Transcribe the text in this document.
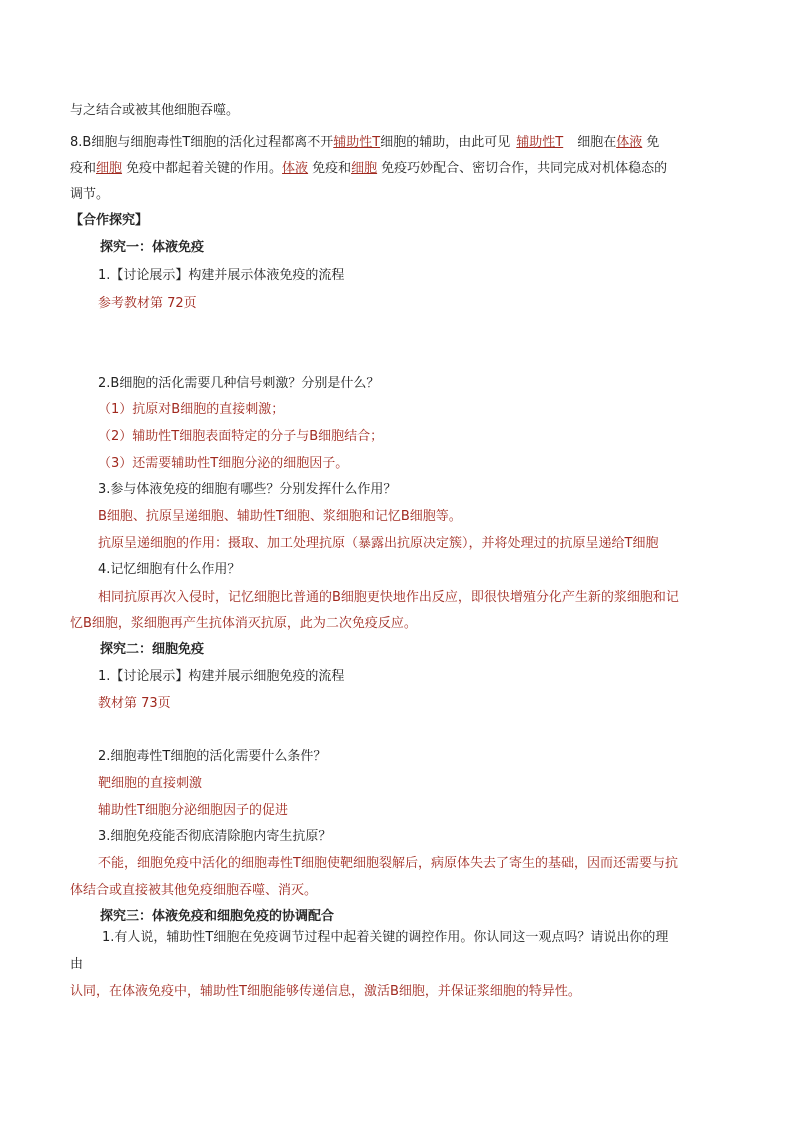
与之结合或被其他细胞吞噬。
8.B细胞与细胞毒性T细胞的活化过程都离不开辅助性T细胞的辅助，由此可见 辅助性T 细胞在体液 免
疫和细胞 免疫中都起着关键的作用。体液 免疫和细胞 免疫巧妙配合、密切合作，共同完成对机体稳态的
调节。
【合作探究】
探究一：体液免疫
1.【讨论展示】构建并展示体液免疫的流程
参考教材第 72页
2.B细胞的活化需要几种信号刺激？分别是什么？
（1）抗原对B细胞的直接刺激；
（2）辅助性T细胞表面特定的分子与B细胞结合；
（3）还需要辅助性T细胞分泌的细胞因子。
3.参与体液免疫的细胞有哪些？分别发挥什么作用？
B细胞、抗原呈递细胞、辅助性T细胞、浆细胞和记忆B细胞等。
抗原呈递细胞的作用：摄取、加工处理抗原（暴露出抗原决定簇），并将处理过的抗原呈递给T细胞
4.记忆细胞有什么作用？
相同抗原再次入侵时，记忆细胞比普通的B细胞更快地作出反应，即很快增殖分化产生新的浆细胞和记
忆B细胞，浆细胞再产生抗体消灭抗原，此为二次免疫反应。
探究二：细胞免疫
1.【讨论展示】构建并展示细胞免疫的流程
教材第 73页
2.细胞毒性T细胞的活化需要什么条件？
靶细胞的直接刺激
辅助性T细胞分泌细胞因子的促进
3.细胞免疫能否彻底清除胞内寄生抗原？
不能，细胞免疫中活化的细胞毒性T细胞使靶细胞裂解后，病原体失去了寄生的基础，因而还需要与抗
体结合或直接被其他免疫细胞吞噬、消灭。
探究三：体液免疫和细胞免疫的协调配合
1.有人说，辅助性T细胞在免疫调节过程中起着关键的调控作用。你认同这一观点吗？请说出你的理
由
认同，在体液免疫中，辅助性T细胞能够传递信息，激活B细胞，并保证浆细胞的特异性。
